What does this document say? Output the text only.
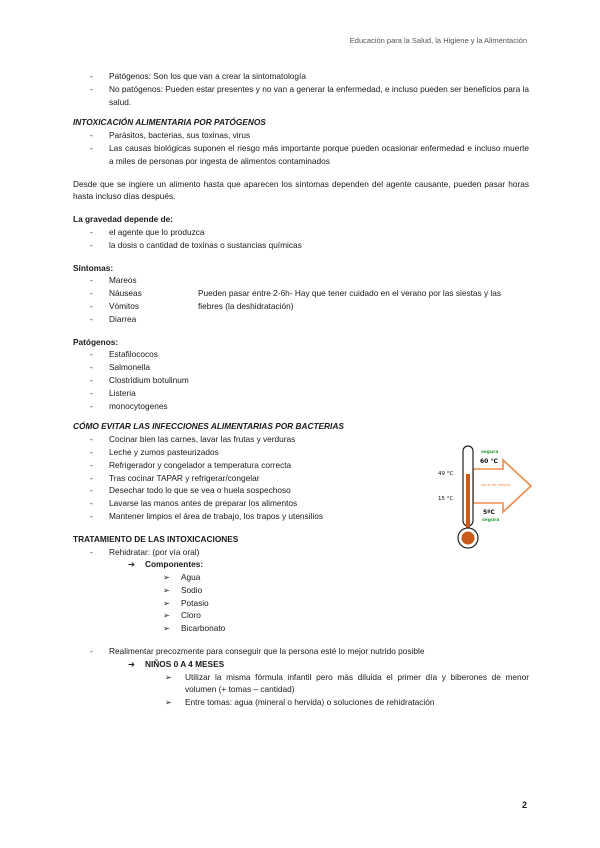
Educación para la Salud, la Higiene y la Alimentación
- Patógenos: Son los que van a crear la sintomatología
- No patógenos: Pueden estar presentes y no van a generar la enfermedad, e incluso pueden ser beneficios para la salud.
INTOXICACIÓN ALIMENTARIA POR PATÓGENOS
- Parásitos, bacterias, sus toxinas, virus
- Las causas biológicas suponen el riesgo más importante porque pueden ocasionar enfermedad e incluso muerte a miles de personas por ingesta de alimentos contaminados

Desde que se ingiere un alimento hasta que aparecen los síntomas dependen del agente causante, pueden pasar horas hasta incluso días después.

La gravedad depende de:
- el agente que lo produzca
- la dosis o cantidad de toxinas o sustancias químicas
Síntomas:
- Mareos
- Náuseas
- Vómitos
- Diarrea
Pueden pasar entre 2-6h- Hay que tener cuidado en el verano por las siestas y las fiebres (la deshidratación)
Patógenos:
- Estafilococos
- Salmonella
- Clostridium botulinum
- Listeria
- monocytogenes
CÓMO EVITAR LAS INFECCIONES ALIMENTARIAS POR BACTERIAS
- Cocinar bien las carnes, lavar las frutas y verduras
- Leche y zumos pasteurizados
- Refrigerador y congelador a temperatura correcta
- Tras cocinar TAPAR y refrigerar/congelar
- Desechar todo lo que se vea o huela sospechoso
- Lavarse las manos antes de preparar los alimentos
- Mantener limpios el área de trabajo, los trapos y utensilios
TRATAMIENTO DE LAS INTOXICACIONES
- Rehidratar: (por vía oral)
➔ Componentes:
➢ Agua
➢ Sodio
➢ Potasio
➢ Cloro
➢ Bicarbonato
- Realimentar precozmente para conseguir que la persona esté lo mejor nutrido posible
➔ NIÑOS 0 A 4 MESES
➢ Utilizar la misma fórmula infantil pero más diluida el primer día y biberones de menor volumen (+ tomas – cantidad)
➢ Entre tomas: agua (mineral o hervida) o soluciones de rehidratación
segura
60 °C
49 °C
zona de peligro
15 °C
5ºC
segura
2
